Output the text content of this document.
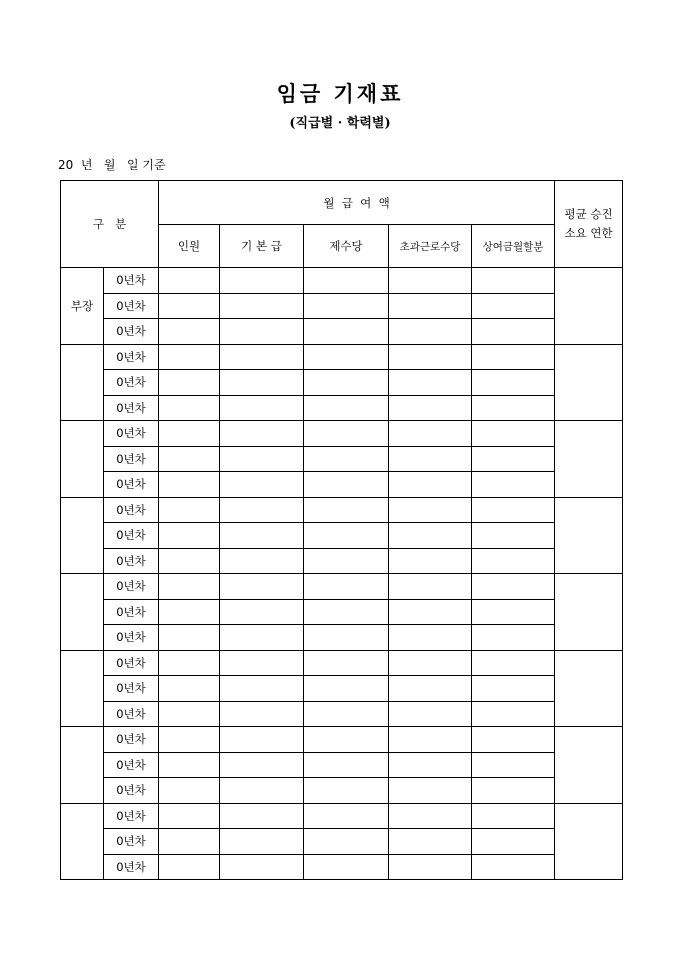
임금 기재표
(직급별 · 학력별)
20  년   월   일 기준
구   분		월  급  여  액					평균 승진
소요 연한
		인원	기 본 급	제수당	초과근로수당	상여금월할분	
부장	0년차						
	0년차						
	0년차						
	0년차						
	0년차						
	0년차						
	0년차						
	0년차						
	0년차						
	0년차						
	0년차						
	0년차						
	0년차						
	0년차						
	0년차						
	0년차						
	0년차						
	0년차						
	0년차						
	0년차						
	0년차						
	0년차						
	0년차						
	0년차						
